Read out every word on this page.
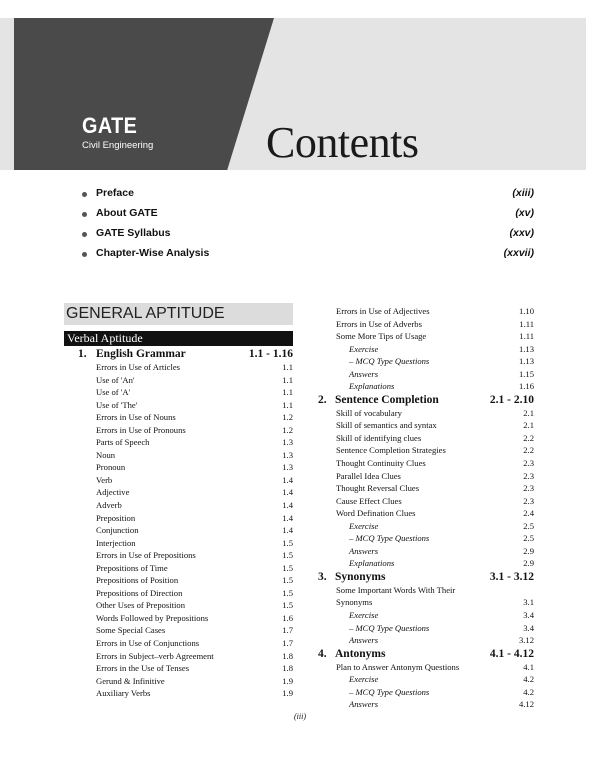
GATE
Civil Engineering	Contents
Preface	(xiii)
About GATE	(xv)
GATE Syllabus	(xxv)
Chapter-Wise Analysis	(xxvii)
GENERAL APTITUDE
Verbal Aptitude
1. English Grammar	1.1 - 1.16
Errors in Use of Articles	1.1
Use of 'An'	1.1
Use of 'A'	1.1
Use of 'The'	1.1
Errors in Use of Nouns	1.2
Errors in Use of Pronouns	1.2
Parts of Speech	1.3
Noun	1.3
Pronoun	1.3
Verb	1.4
Adjective	1.4
Adverb	1.4
Preposition	1.4
Conjunction	1.4
Interjection	1.5
Errors in Use of Prepositions	1.5
Prepositions of Time	1.5
Prepositions of Position	1.5
Prepositions of Direction	1.5
Other Uses of Preposition	1.5
Words Followed by Prepositions	1.6
Some Special Cases	1.7
Errors in Use of Conjunctions	1.7
Errors in Subject–verb Agreement	1.8
Errors in the Use of Tenses	1.8
Gerund & Infinitive	1.9
Auxiliary Verbs	1.9
Errors in Use of Adjectives	1.10
Errors in Use of Adverbs	1.11
Some More Tips of Usage	1.11
Exercise	1.13
– MCQ Type Questions	1.13
Answers	1.15
Explanations	1.16
2. Sentence Completion	2.1 - 2.10
Skill of vocabulary	2.1
Skill of semantics and syntax	2.1
Skill of identifying clues	2.2
Sentence Completion Strategies	2.2
Thought Continuity Clues	2.3
Parallel Idea Clues	2.3
Thought Reversal Clues	2.3
Cause Effect Clues	2.3
Word Defination Clues	2.4
Exercise	2.5
– MCQ Type Questions	2.5
Answers	2.9
Explanations	2.9
3. Synonyms	3.1 - 3.12
Some Important Words With Their
Synonyms	3.1
Exercise	3.4
– MCQ Type Questions	3.4
Answers	3.12
4. Antonyms	4.1 - 4.12
Plan to Answer Antonym Questions	4.1
Exercise	4.2
– MCQ Type Questions	4.2
Answers	4.12
(iii)
